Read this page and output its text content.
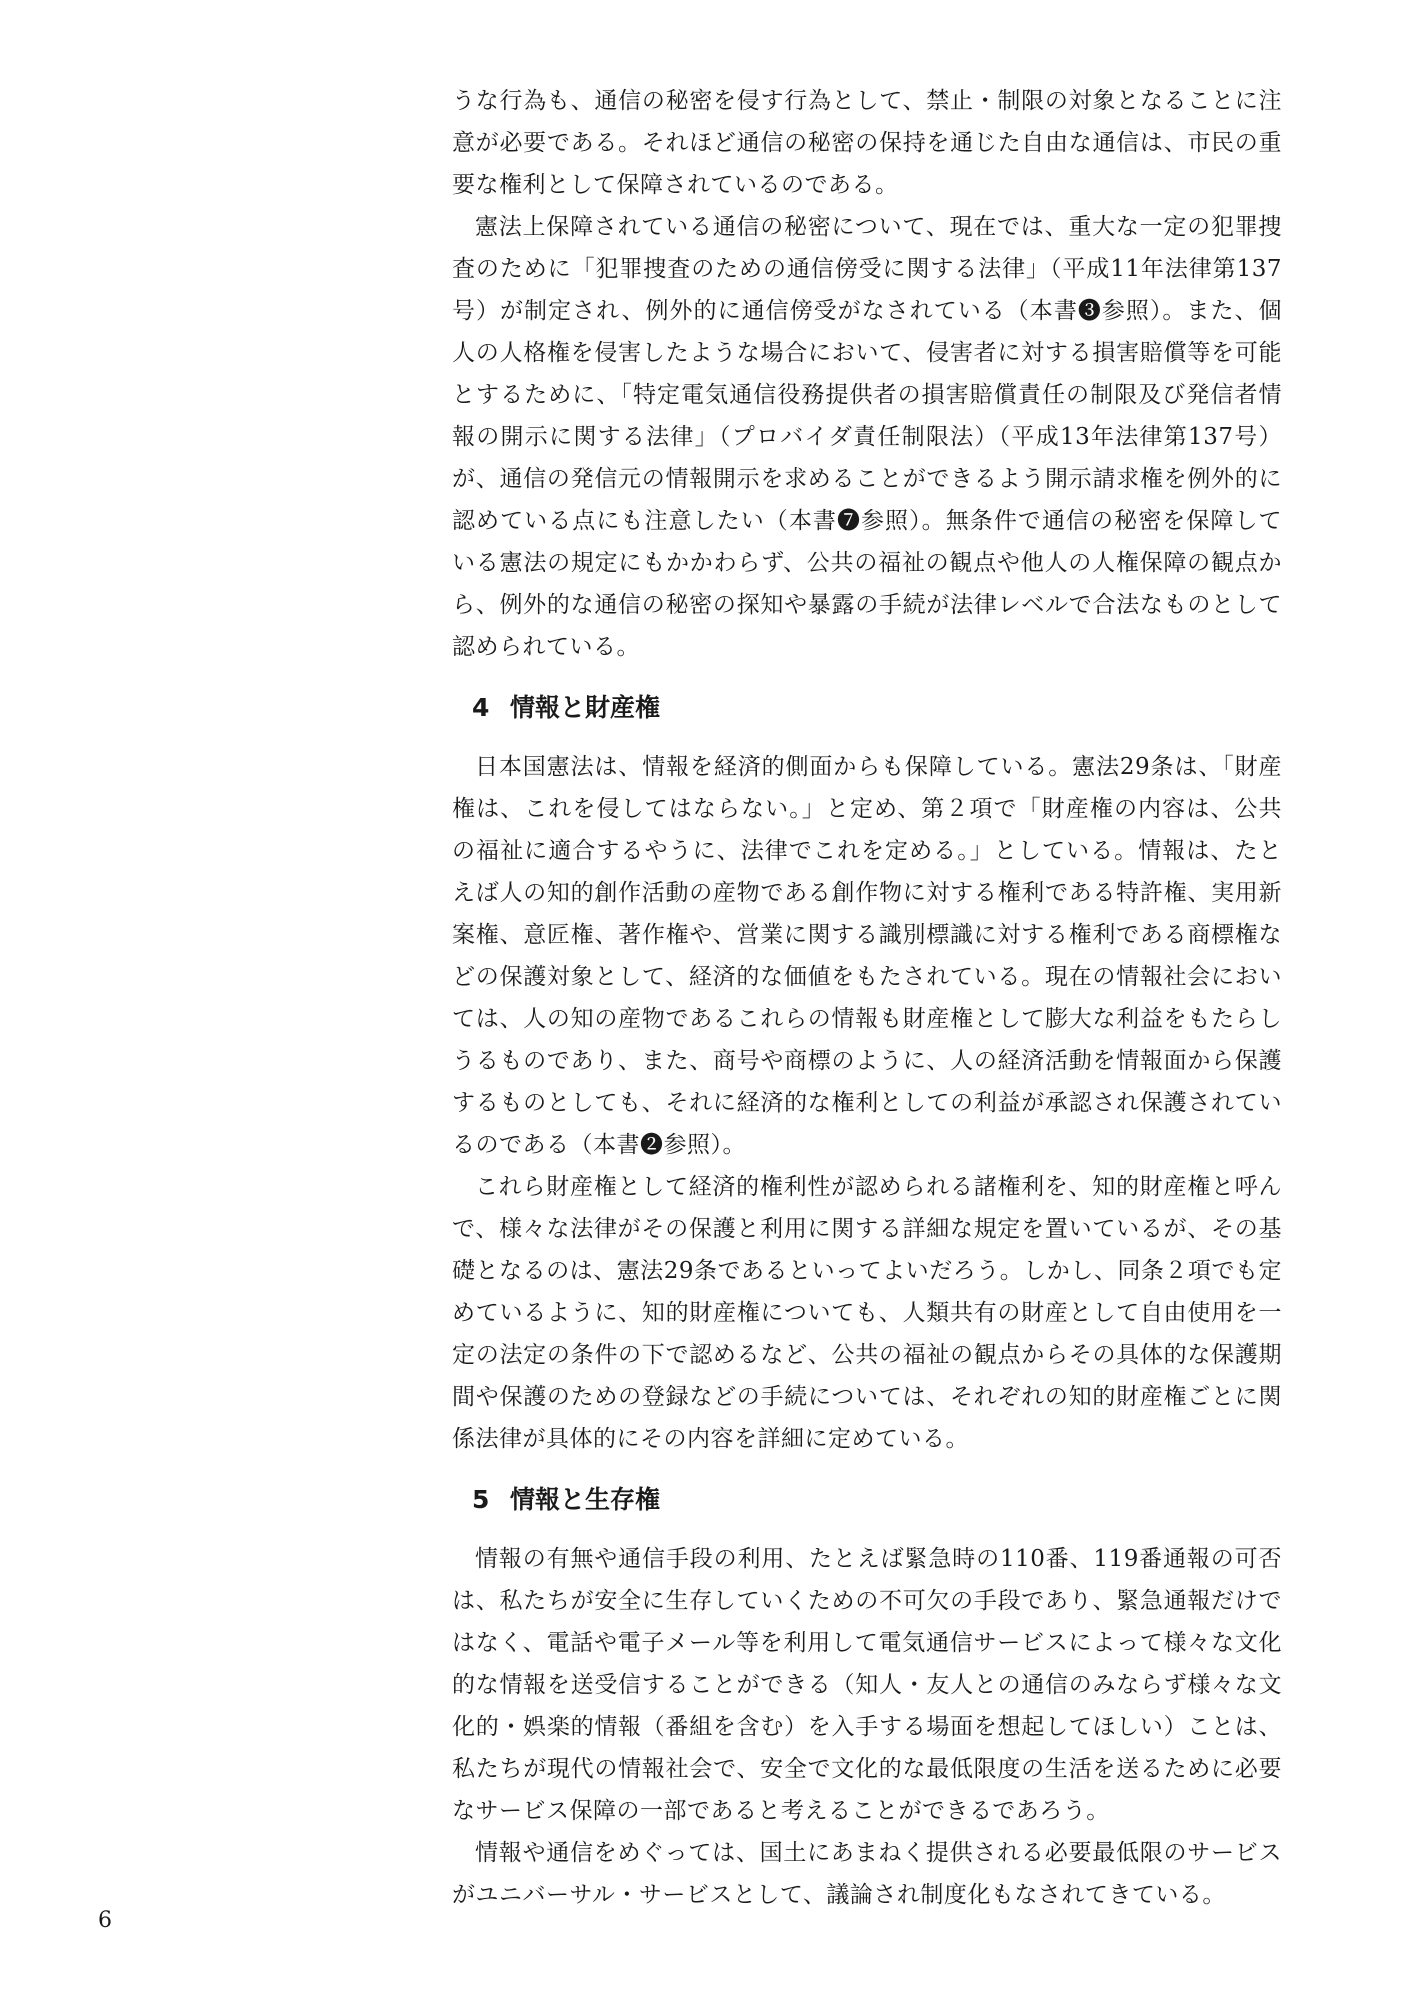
うな行為も、通信の秘密を侵す行為として、禁止・制限の対象となることに注意が必要である。それほど通信の秘密の保持を通じた自由な通信は、市民の重要な権利として保障されているのである。

憲法上保障されている通信の秘密について、現在では、重大な一定の犯罪捜査のために「犯罪捜査のための通信傍受に関する法律」（平成11年法律第137号）が制定され、例外的に通信傍受がなされている（本書❸参照）。また、個人の人格権を侵害したような場合において、侵害者に対する損害賠償等を可能とするために、「特定電気通信役務提供者の損害賠償責任の制限及び発信者情報の開示に関する法律」（プロバイダ責任制限法）（平成13年法律第137号）が、通信の発信元の情報開示を求めることができるよう開示請求権を例外的に認めている点にも注意したい（本書❼参照）。無条件で通信の秘密を保障している憲法の規定にもかかわらず、公共の福祉の観点や他人の人権保障の観点から、例外的な通信の秘密の探知や暴露の手続が法律レベルで合法なものとして認められている。

4 情報と財産権

日本国憲法は、情報を経済的側面からも保障している。憲法29条は、「財産権は、これを侵してはならない。」と定め、第２項で「財産権の内容は、公共の福祉に適合するやうに、法律でこれを定める。」としている。情報は、たとえば人の知的創作活動の産物である創作物に対する権利である特許権、実用新案権、意匠権、著作権や、営業に関する識別標識に対する権利である商標権などの保護対象として、経済的な価値をもたされている。現在の情報社会においては、人の知の産物であるこれらの情報も財産権として膨大な利益をもたらしうるものであり、また、商号や商標のように、人の経済活動を情報面から保護するものとしても、それに経済的な権利としての利益が承認され保護されているのである（本書❷参照）。

これら財産権として経済的権利性が認められる諸権利を、知的財産権と呼んで、様々な法律がその保護と利用に関する詳細な規定を置いているが、その基礎となるのは、憲法29条であるといってよいだろう。しかし、同条２項でも定めているように、知的財産権についても、人類共有の財産として自由使用を一定の法定の条件の下で認めるなど、公共の福祉の観点からその具体的な保護期間や保護のための登録などの手続については、それぞれの知的財産権ごとに関係法律が具体的にその内容を詳細に定めている。

5 情報と生存権

情報の有無や通信手段の利用、たとえば緊急時の110番、119番通報の可否は、私たちが安全に生存していくための不可欠の手段であり、緊急通報だけではなく、電話や電子メール等を利用して電気通信サービスによって様々な文化的な情報を送受信することができる（知人・友人との通信のみならず様々な文化的・娯楽的情報（番組を含む）を入手する場面を想起してほしい）ことは、私たちが現代の情報社会で、安全で文化的な最低限度の生活を送るために必要なサービス保障の一部であると考えることができるであろう。

情報や通信をめぐっては、国土にあまねく提供される必要最低限のサービスがユニバーサル・サービスとして、議論され制度化もなされてきている。

6
